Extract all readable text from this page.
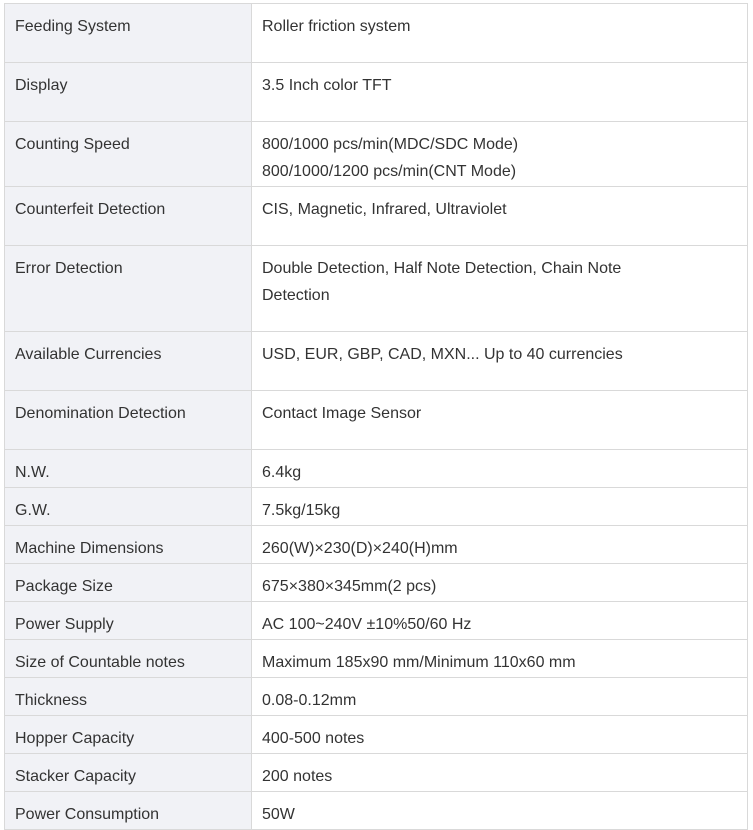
Feeding System	Roller friction system

Display	3.5 Inch color TFT

Counting Speed	800/1000 pcs/min(MDC/SDC Mode)
800/1000/1200 pcs/min(CNT Mode)

Counterfeit Detection	CIS, Magnetic, Infrared, Ultraviolet

Error Detection	Double Detection, Half Note Detection, Chain Note
Detection

Available Currencies	USD, EUR, GBP, CAD, MXN... Up to 40 currencies

Denomination Detection	Contact Image Sensor

N.W.	6.4kg

G.W.	7.5kg/15kg

Machine Dimensions	260(W)×230(D)×240(H)mm

Package Size	675×380×345mm(2 pcs)

Power Supply	AC 100~240V ±10%50/60 Hz

Size of Countable notes	Maximum 185x90 mm/Minimum 110x60 mm

Thickness	0.08-0.12mm

Hopper Capacity	400-500 notes

Stacker Capacity	200 notes

Power Consumption	50W
